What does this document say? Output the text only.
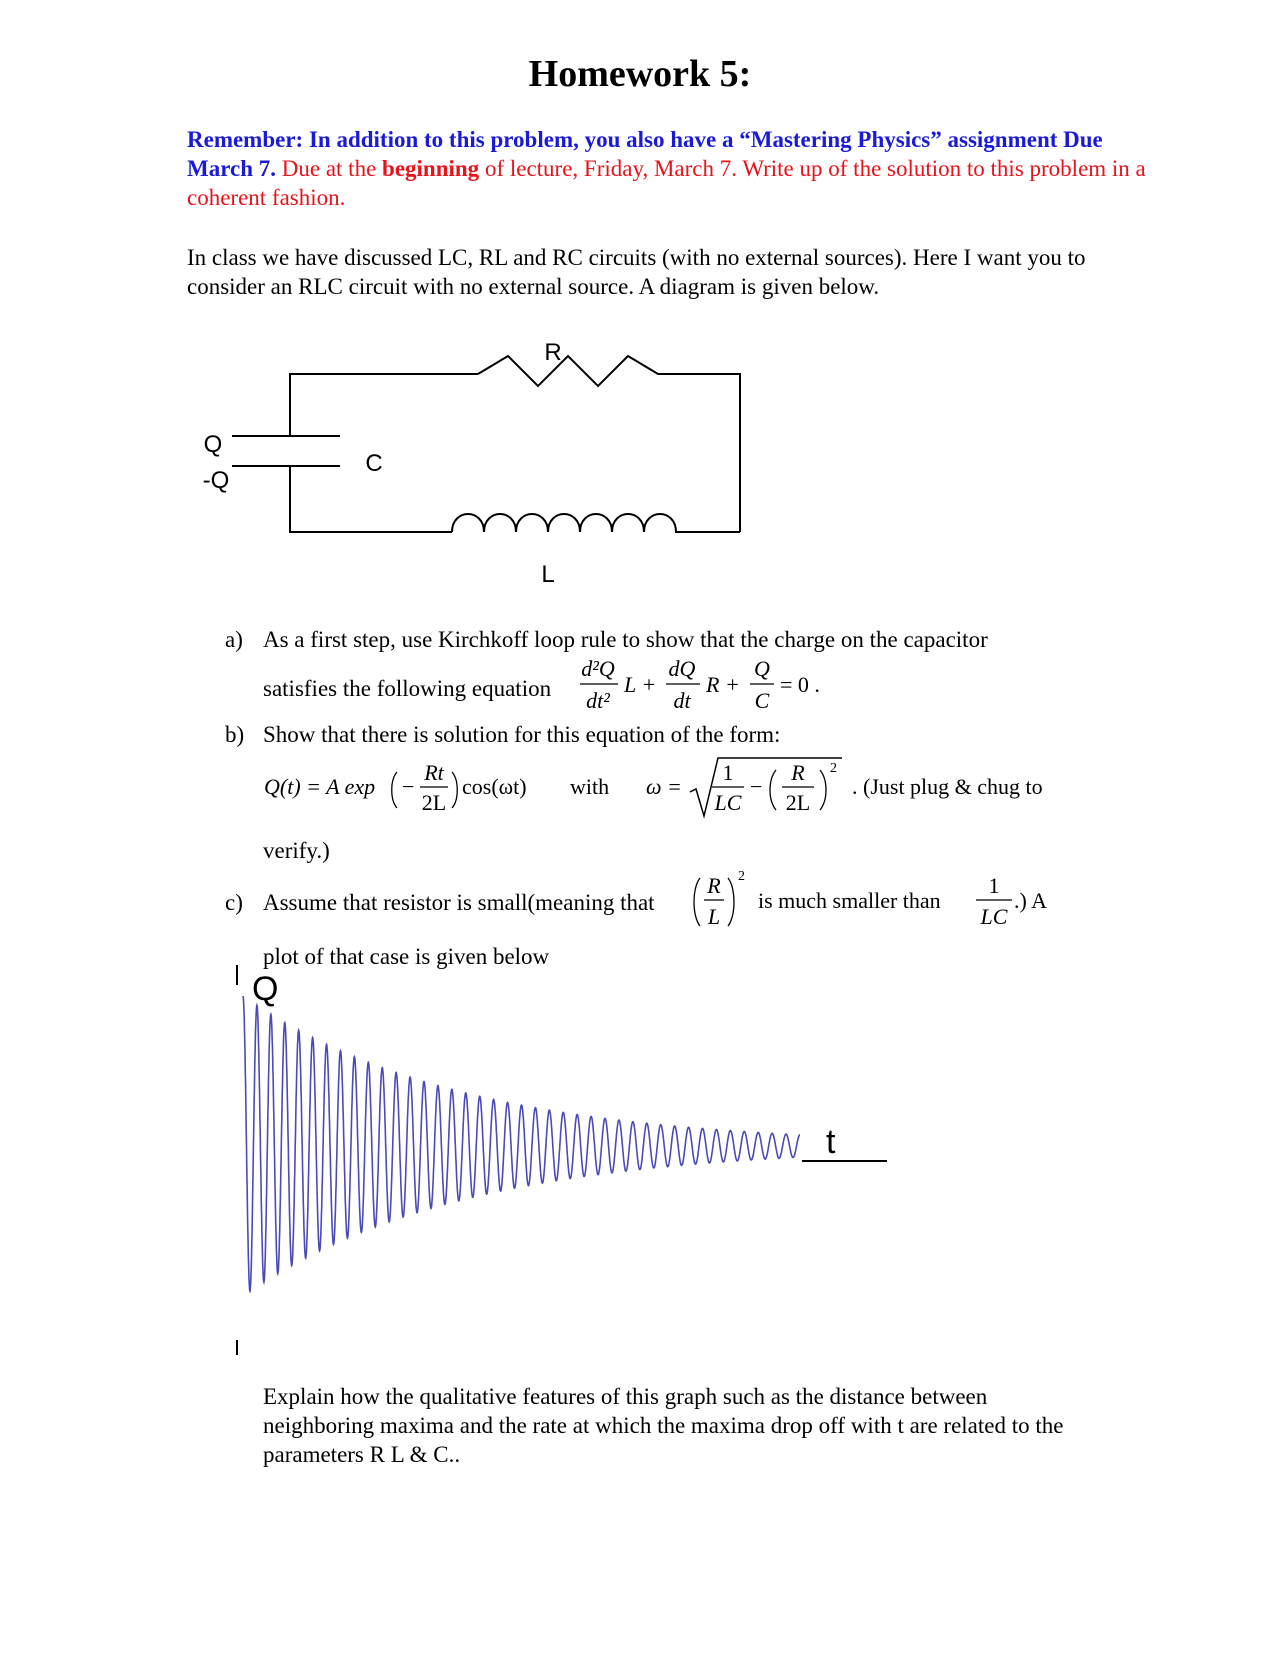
Homework 5:
Remember: In addition to this problem, you also have a “Mastering Physics” assignment Due March 7. Due at the beginning of lecture, Friday, March 7. Write up of the solution to this problem in a coherent fashion.
In class we have discussed LC, RL and RC circuits (with no external sources). Here I want you to consider an RLC circuit with no external source. A diagram is given below.
R
C
L
Q
-Q
a) As a first step, use Kirchkoff loop rule to show that the charge on the capacitor
satisfies the following equation
d²Q
dt²
L +
dQ
dt
R +
Q
C
= 0 .
b) Show that there is solution for this equation of the form:
Q(t) = A exp −
Rt
2L
cos(ωt) with ω =
1
LC
−
R
2L
2
. (Just plug & chug to
verify.)
c) Assume that resistor is small(meaning that
R
L
2
is much smaller than
1
LC
.) A
plot of that case is given below
Q
t
Explain how the qualitative features of this graph such as the distance between neighboring maxima and the rate at which the maxima drop off with t are related to the parameters R L & C..
